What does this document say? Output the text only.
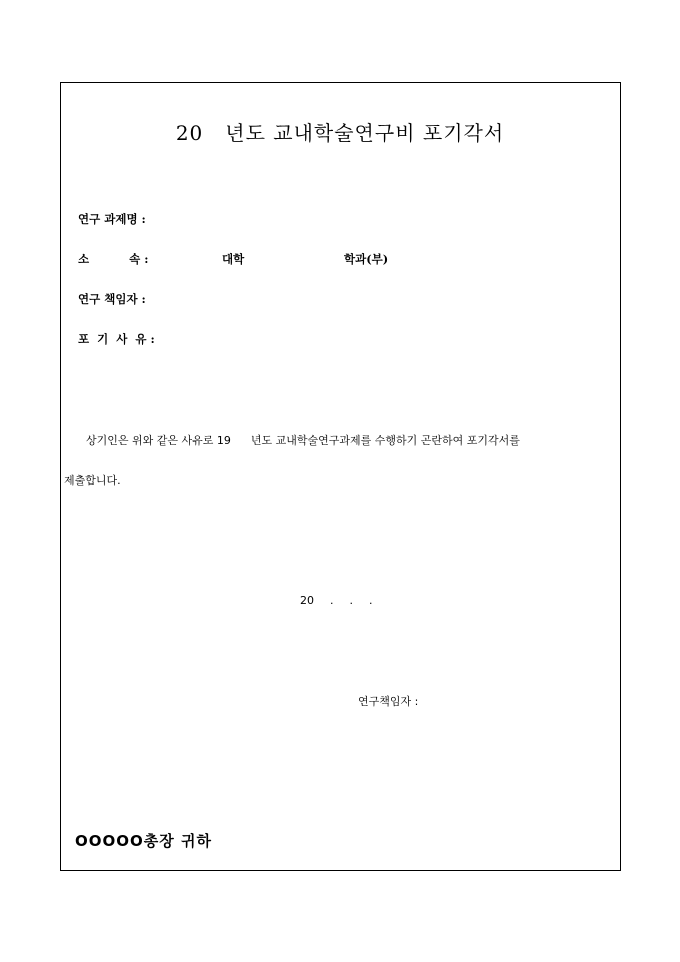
20 년도 교내학술연구비 포기각서
연구 과제명 :
소	속 :	대학	학과(부)
연구 책임자 :
포 기 사 유 :
상기인은 위와 같은 사유로 19 년도 교내학술연구과제를 수행하기 곤란하여 포기각서를
제출합니다.
20 . . .
연구책임자 :
OOOOO총장 귀하
